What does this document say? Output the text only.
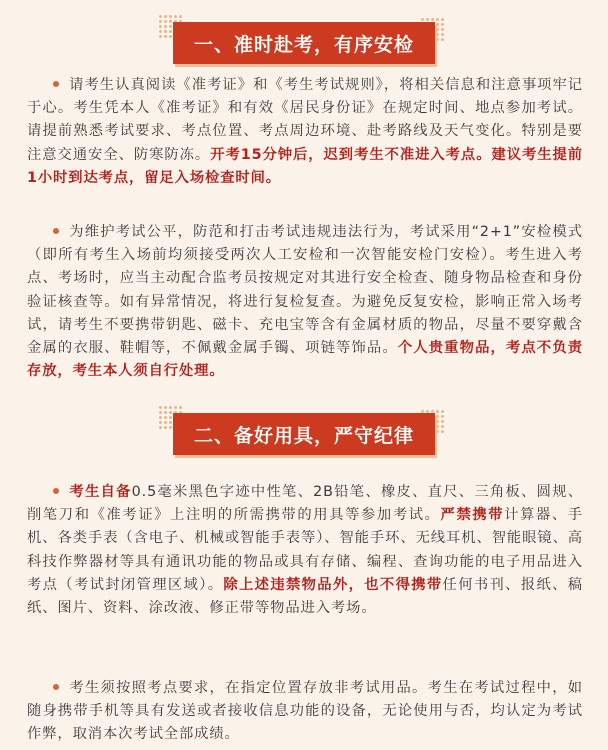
一、准时赴考，有序安检
请考生认真阅读《准考证》和《考生考试规则》，将相关信息和注意事项牢记于心。考生凭本人《准考证》和有效《居民身份证》在规定时间、地点参加考试。请提前熟悉考试要求、考点位置、考点周边环境、赴考路线及天气变化。特别是要注意交通安全、防寒防冻。开考15分钟后，迟到考生不准进入考点。建议考生提前1小时到达考点，留足入场检查时间。
为维护考试公平，防范和打击考试违规违法行为，考试采用“2+1”安检模式（即所有考生入场前均须接受两次人工安检和一次智能安检门安检）。考生进入考点、考场时，应当主动配合监考员按规定对其进行安全检查、随身物品检查和身份验证核查等。如有异常情况，将进行复检复查。为避免反复安检，影响正常入场考试，请考生不要携带钥匙、磁卡、充电宝等含有金属材质的物品，尽量不要穿戴含金属的衣服、鞋帽等，不佩戴金属手镯、项链等饰品。个人贵重物品，考点不负责存放，考生本人须自行处理。
二、备好用具，严守纪律
考生自备0.5毫米黑色字迹中性笔、2B铅笔、橡皮、直尺、三角板、圆规、削笔刀和《准考证》上注明的所需携带的用具等参加考试。严禁携带计算器、手机、各类手表（含电子、机械或智能手表等）、智能手环、无线耳机、智能眼镜、高科技作弊器材等具有通讯功能的物品或具有存储、编程、查询功能的电子用品进入考点（考试封闭管理区域）。除上述违禁物品外，也不得携带任何书刊、报纸、稿纸、图片、资料、涂改液、修正带等物品进入考场。
考生须按照考点要求，在指定位置存放非考试用品。考生在考试过程中，如随身携带手机等具有发送或者接收信息功能的设备，无论使用与否，均认定为考试作弊，取消本次考试全部成绩。
